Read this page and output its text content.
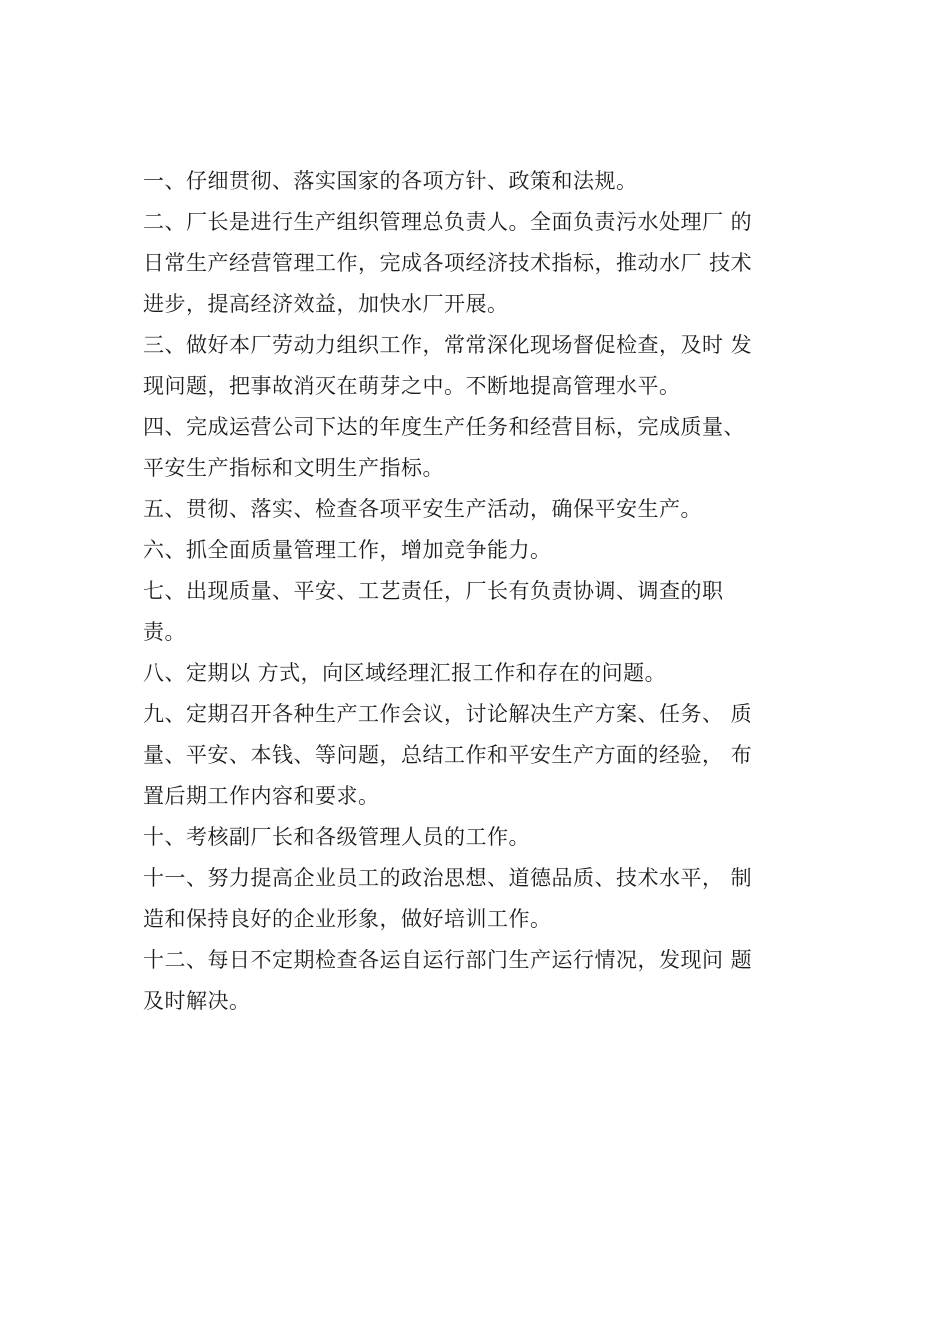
一、仔细贯彻、落实国家的各项方针、政策和法规。
二、厂长是进行生产组织管理总负责人。全面负责污水处理厂 的
日常生产经营管理工作，完成各项经济技术指标，推动水厂 技术
进步，提高经济效益，加快水厂开展。
三、做好本厂劳动力组织工作，常常深化现场督促检查，及时 发
现问题，把事故消灭在萌芽之中。不断地提高管理水平。
四、完成运营公司下达的年度生产任务和经营目标，完成质量、
平安生产指标和文明生产指标。
五、贯彻、落实、检查各项平安生产活动，确保平安生产。
六、抓全面质量管理工作，增加竞争能力。
七、出现质量、平安、工艺责任，厂长有负责协调、调查的职
责。
八、定期以 方式，向区域经理汇报工作和存在的问题。
九、定期召开各种生产工作会议，讨论解决生产方案、任务、 质
量、平安、本钱、等问题，总结工作和平安生产方面的经验， 布
置后期工作内容和要求。
十、考核副厂长和各级管理人员的工作。
十一、努力提高企业员工的政治思想、道德品质、技术水平， 制
造和保持良好的企业形象，做好培训工作。
十二、每日不定期检查各运自运行部门生产运行情况，发现问 题
及时解决。
